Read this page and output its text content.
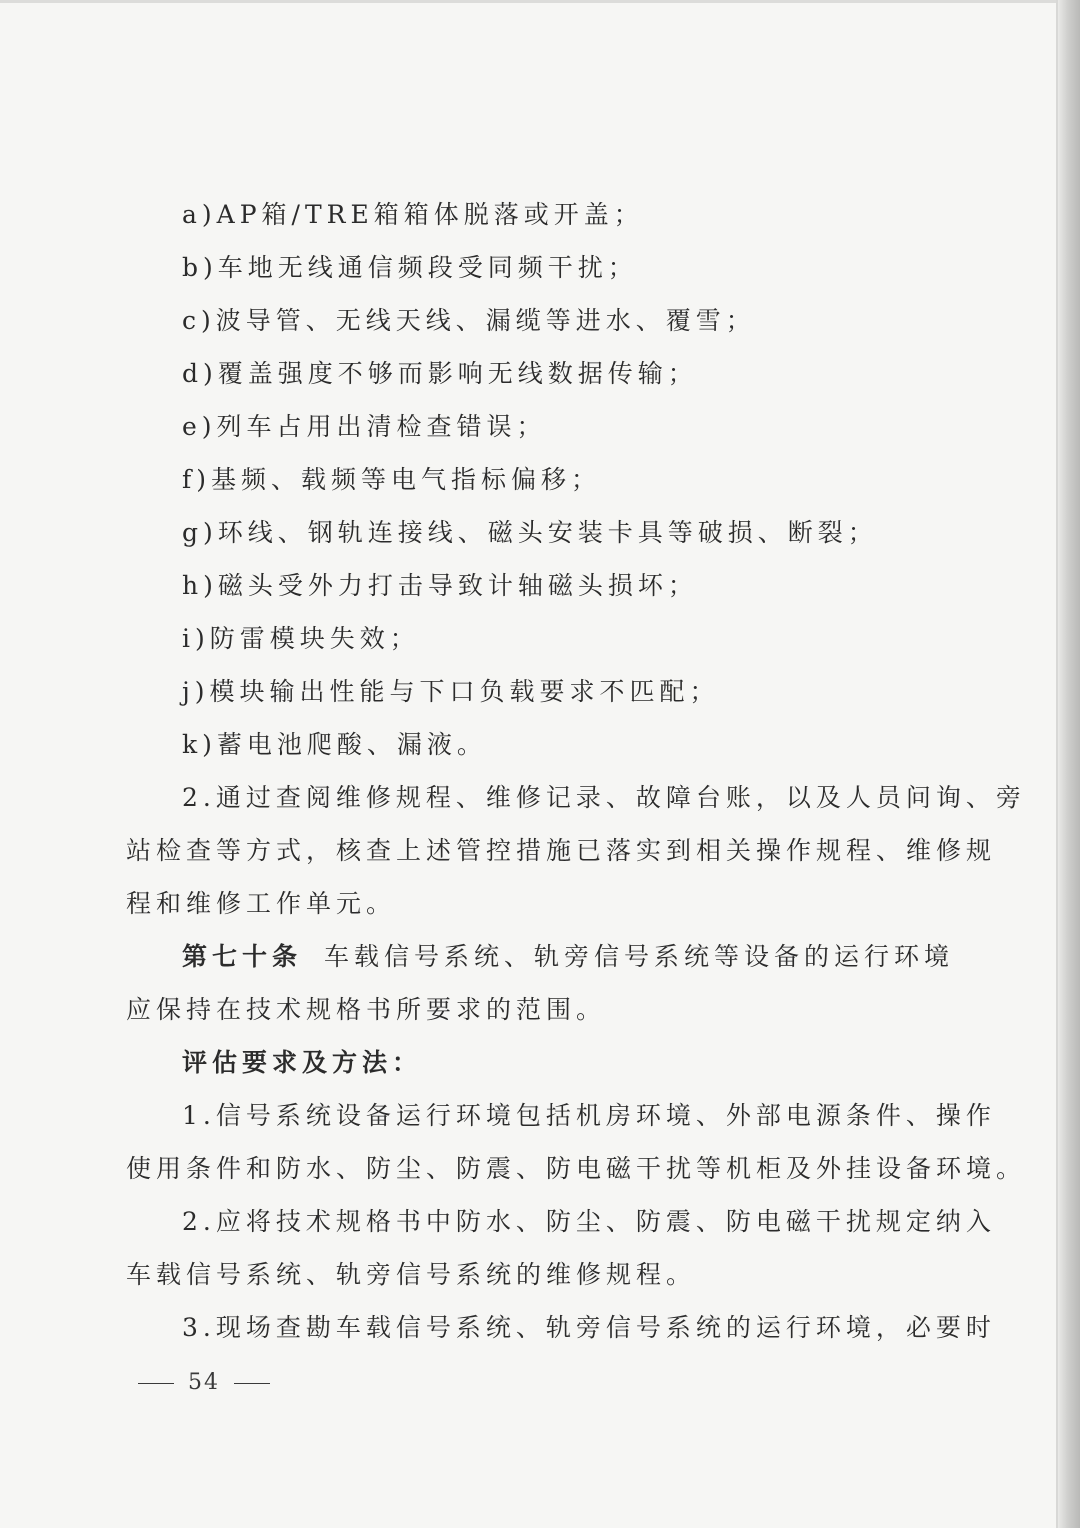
a)AP箱/TRE箱箱体脱落或开盖；
b)车地无线通信频段受同频干扰；
c)波导管、无线天线、漏缆等进水、覆雪；
d)覆盖强度不够而影响无线数据传输；
e)列车占用出清检查错误；
f)基频、载频等电气指标偏移；
g)环线、钢轨连接线、磁头安装卡具等破损、断裂；
h)磁头受外力打击导致计轴磁头损坏；
i)防雷模块失效；
j)模块输出性能与下口负载要求不匹配；
k)蓄电池爬酸、漏液。
2.通过查阅维修规程、维修记录、故障台账，以及人员问询、旁
站检查等方式，核查上述管控措施已落实到相关操作规程、维修规
程和维修工作单元。
第七十条 车载信号系统、轨旁信号系统等设备的运行环境
应保持在技术规格书所要求的范围。
评估要求及方法：
1.信号系统设备运行环境包括机房环境、外部电源条件、操作
使用条件和防水、防尘、防震、防电磁干扰等机柜及外挂设备环境。
2.应将技术规格书中防水、防尘、防震、防电磁干扰规定纳入
车载信号系统、轨旁信号系统的维修规程。
3.现场查勘车载信号系统、轨旁信号系统的运行环境，必要时
54
